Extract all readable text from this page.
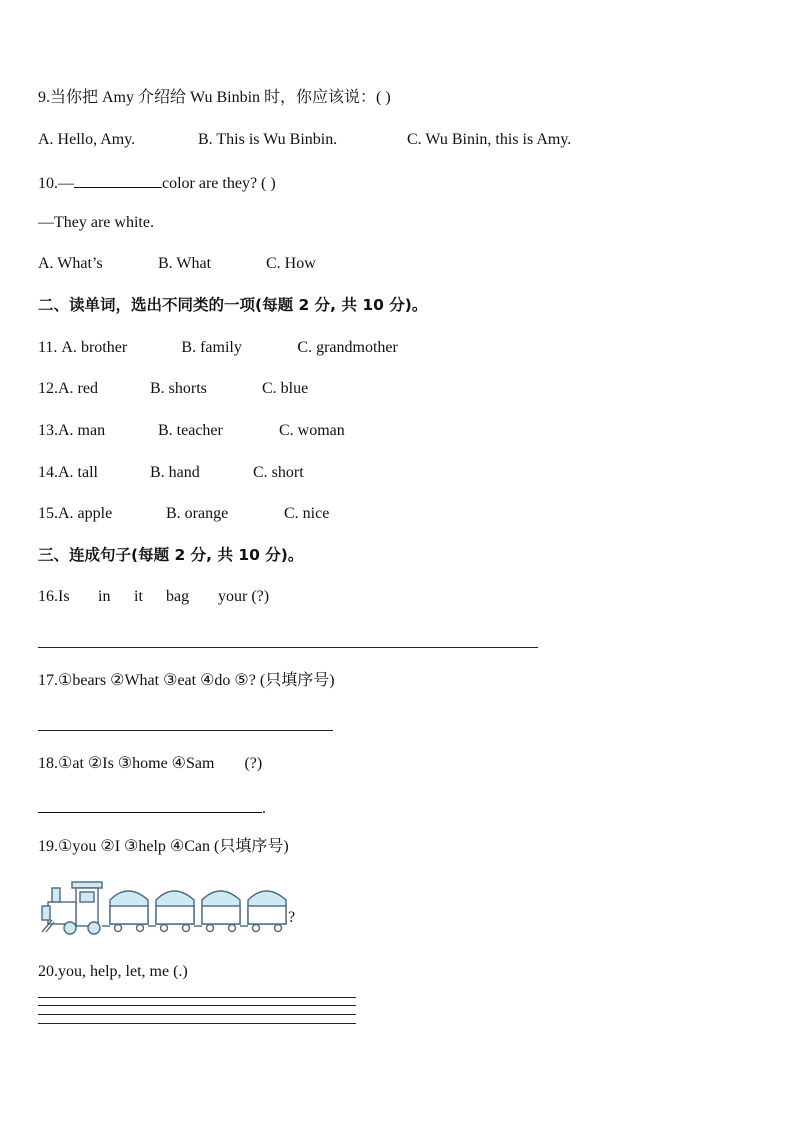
9.当你把 Amy 介绍给 Wu Binbin 时，你应该说：( )
A. Hello, Amy.	B. This is Wu Binbin.	C. Wu Binin, this is Amy.
10.—	color are they? ( )
—They are white.
A. What’s	B. What	C. How
二、读单词，选出不同类的一项(每题 2 分, 共 10 分)。
11. A. brother	B. family	C. grandmother
12.A. red	B. shorts	C. blue
13.A. man	B. teacher	C. woman
14.A. tall	B. hand	C. short
15.A. apple	B. orange	C. nice
三、连成句子(每题 2 分, 共 10 分)。
16.Is in it bag your (?)
17.①bears ②What ③eat ④do ⑤? (只填序号)
18.①at ②Is ③home ④Sam (?)
.
19.①you ②I ③help ④Can (只填序号)
?
20.you, help, let, me (.)
